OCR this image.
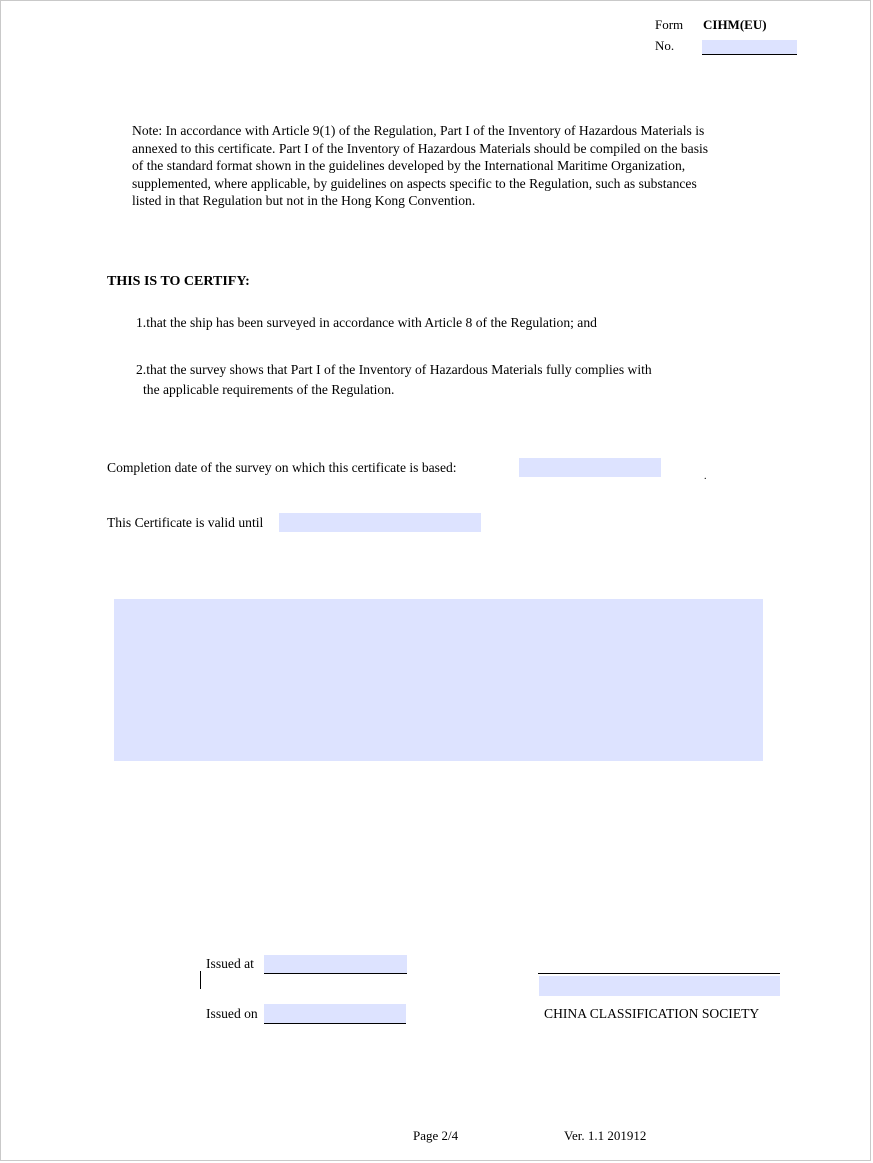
Form CIHM(EU)
No.
Note: In accordance with Article 9(1) of the Regulation, Part I of the Inventory of Hazardous Materials is
annexed to this certificate. Part I of the Inventory of Hazardous Materials should be compiled on the basis
of the standard format shown in the guidelines developed by the International Maritime Organization,
supplemented, where applicable, by guidelines on aspects specific to the Regulation, such as substances
listed in that Regulation but not in the Hong Kong Convention.
THIS IS TO CERTIFY:
1.that the ship has been surveyed in accordance with Article 8 of the Regulation; and
2.that the survey shows that Part I of the Inventory of Hazardous Materials fully complies with
the applicable requirements of the Regulation.
Completion date of the survey on which this certificate is based:
.
This Certificate is valid until
Issued at
Issued on	CHINA CLASSIFICATION SOCIETY
Page 2/4	Ver. 1.1 201912
